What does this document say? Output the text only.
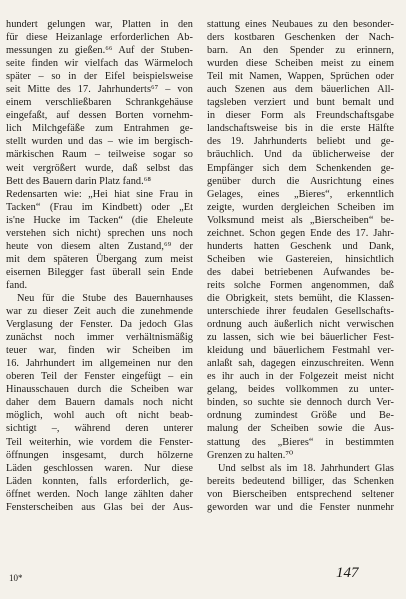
hundert gelungen war, Platten in den
für diese Heizanlage erforderlichen Ab-
messungen zu gießen.⁶⁶ Auf der Stuben-
seite finden wir vielfach das Wärmeloch
später – so in der Eifel beispielsweise
seit Mitte des 17. Jahrhunderts⁶⁷ – von
einem verschließbaren Schrankgehäuse
eingefaßt, auf dessen Borten vornehm-
lich Milchgefäße zum Entrahmen ge-
stellt wurden und das – wie im bergisch-
märkischen Raum – teilweise sogar so
weit vergrößert wurde, daß selbst das
Bett des Bauern darin Platz fand.⁶⁸
Redensarten wie: „Hei hiat sine Frau in
Tacken“ (Frau im Kindbett) oder „Et
is'ne Hucke im Tacken“ (die Eheleute
verstehen sich nicht) sprechen uns noch
heute von diesem alten Zustand,⁶⁹ der
mit dem späteren Übergang zum meist
eisernen Bilegger fast überall sein Ende
fand.
Neu für die Stube des Bauernhauses
war zu dieser Zeit auch die zunehmende
Verglasung der Fenster. Da jedoch Glas
zunächst noch immer verhältnismäßig
teuer war, finden wir Scheiben im
16. Jahrhundert im allgemeinen nur den
oberen Teil der Fenster eingefügt – ein
Hinausschauen durch die Scheiben war
daher dem Bauern damals noch nicht
möglich, wohl auch oft nicht beab-
sichtigt –, während deren unterer
Teil weiterhin, wie vordem die Fenster-
öffnungen insgesamt, durch hölzerne
Läden geschlossen waren. Nur diese
Läden konnten, falls erforderlich, ge-
öffnet werden. Noch lange zählten daher
Fensterscheiben aus Glas bei der Aus-
stattung eines Neubaues zu den besonder-
ders kostbaren Geschenken der Nach-
barn. An den Spender zu erinnern,
wurden diese Scheiben meist zu einem
Teil mit Namen, Wappen, Sprüchen oder
auch Szenen aus dem bäuerlichen All-
tagsleben verziert und bunt bemalt und
in dieser Form als Freundschaftsgabe
landschaftsweise bis in die erste Hälfte
des 19. Jahrhunderts beliebt und ge-
bräuchlich. Und da üblicherweise der
Empfänger sich dem Schenkenden ge-
genüber durch die Ausrichtung eines
Gelages, eines „Bieres“, erkenntlich
zeigte, wurden dergleichen Scheiben im
Volksmund meist als „Bierscheiben“ be-
zeichnet. Schon gegen Ende des 17. Jahr-
hunderts hatten Geschenk und Dank,
Scheiben wie Gastereien, hinsichtlich
des dabei betriebenen Aufwandes be-
reits solche Formen angenommen, daß
die Obrigkeit, stets bemüht, die Klassen-
unterschiede ihrer feudalen Gesellschafts-
ordnung auch äußerlich nicht verwischen
zu lassen, sich wie bei bäuerlicher Fest-
kleidung und bäuerlichem Festmahl ver-
anlaßt sah, dagegen einzuschreiten. Wenn
es ihr auch in der Folgezeit meist nicht
gelang, beides vollkommen zu unter-
binden, so suchte sie dennoch durch Ver-
ordnung zumindest Größe und Be-
malung der Scheiben sowie die Aus-
stattung des „Bieres“ in bestimmten
Grenzen zu halten.⁷⁰
Und selbst als im 18. Jahrhundert Glas
bereits bedeutend billiger, das Schenken
von Bierscheiben entsprechend seltener
geworden war und die Fenster nunmehr
10*	147
